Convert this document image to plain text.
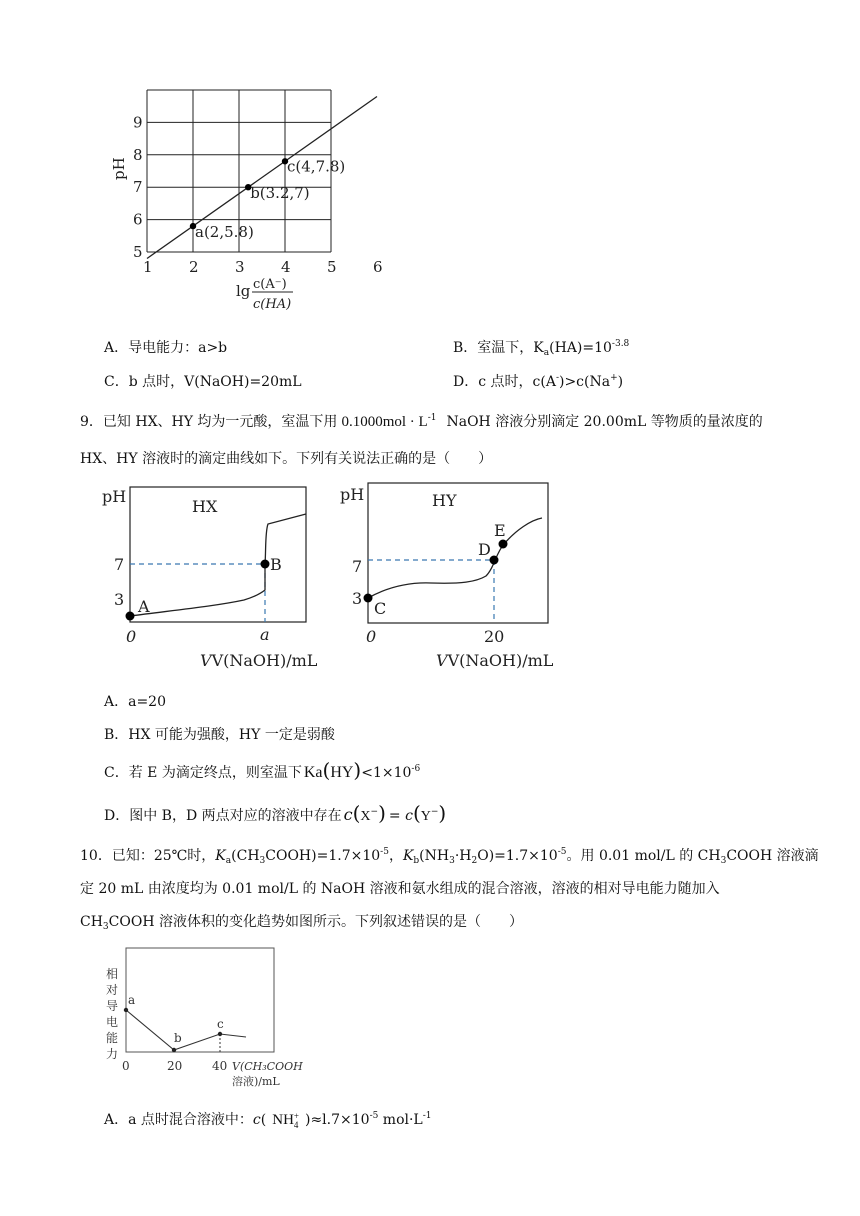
a(2,5.8)
b(3.2,7)
c(4,7.8)
1 2 3 4 5 6
5
6
7
8
9
pH
lg c(A⁻)
c(HA)
A．导电能力：a>b	B．室温下，$K_a(HA)=10^{-3.8}$
C．b 点时，V(NaOH)=20mL	D．c 点时，c(A-)>c(Na+)
9．已知 HX、HY 均为一元酸，室温下用 $0.1000mol \cdot L^{-1}$ NaOH 溶液分别滴定 20.00mL 等物质的量浓度的
HX、HY 溶液时的滴定曲线如下。下列有关说法正确的是（　　）
pH
HX
7
3
0	a
VV(NaOH)/mL
A
B
pH	HY
7
3
0	20
VV(NaOH)/mL
C
D
E
A．a=20
B．HX 可能为强酸，HY 一定是弱酸
C．若 E 为滴定终点，则室温下 $Ka(HY)<1\times 10^{-6}$
D．图中 B，D 两点对应的溶液中存在 c(X−) = c(Y−)
10．已知：25℃时，$K_a(CH_3COOH)=1.7\times 10^{-5}$，$K_b(NH_3\cdot H_2O)=1.7\times 10^{-5}$。用 0.01 mol/L 的 $CH_3COOH$ 溶液滴
定 20 mL 由浓度均为 0.01 mol/L 的 NaOH 溶液和氨水组成的混合溶液，溶液的相对导电能力随加入
$CH_3COOH$ 溶液体积的变化趋势如图所示。下列叙述错误的是（　　）
相
对
导
电
能
力
a
b
c
0	20 40 V(CH₃COOH
溶液)/mL
A．a 点时混合溶液中：c( NH +
4 )$\approx l.7\times 10^{-5}$ $mol\cdot L^{-1}$
